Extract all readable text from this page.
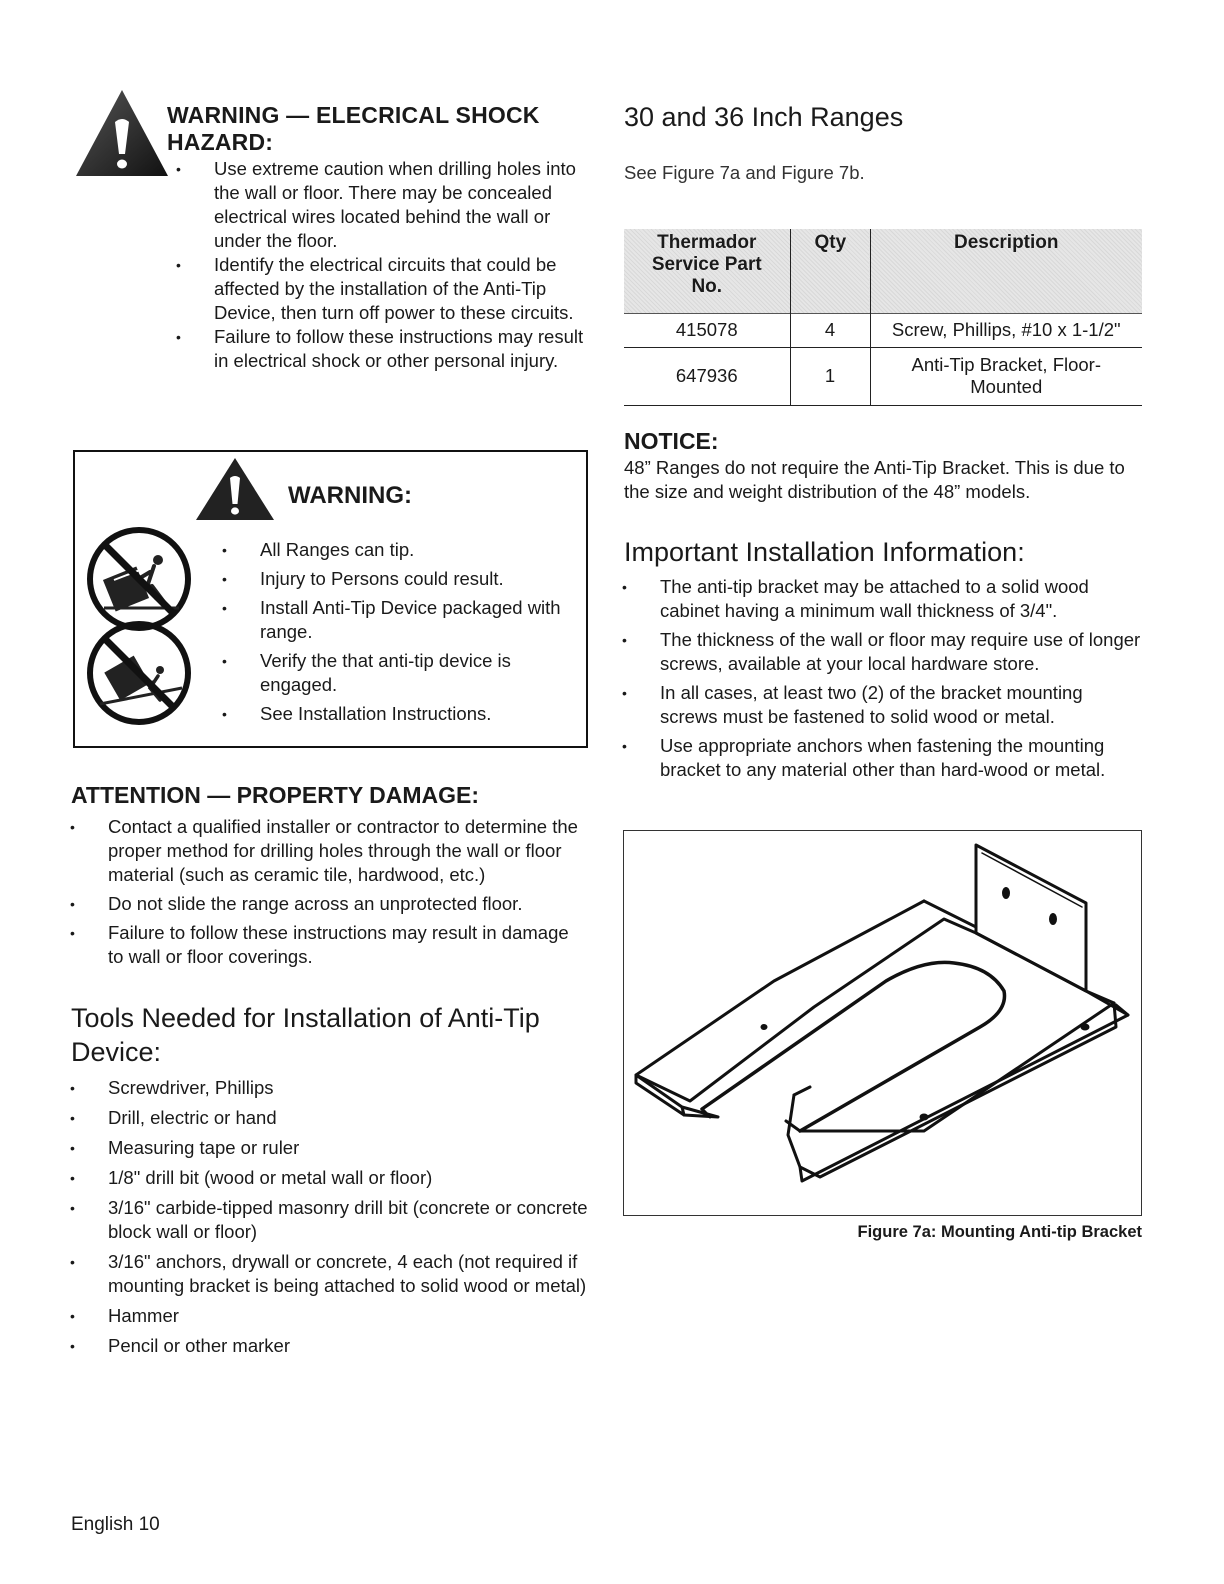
WARNING — ELECRICAL SHOCK
HAZARD:
• Use extreme caution when drilling holes into the wall or floor. There may be concealed electrical wires located behind the wall or under the floor.
• Identify the electrical circuits that could be affected by the installation of the Anti-Tip Device, then turn off power to these circuits.
• Failure to follow these instructions may result in electrical shock or other personal injury.
WARNING:
• All Ranges can tip.
• Injury to Persons could result.
• Install Anti-Tip Device packaged with range.
• Verify the that anti-tip device is engaged.
• See Installation Instructions.
ATTENTION — PROPERTY DAMAGE:
• Contact a qualified installer or contractor to determine the proper method for drilling holes through the wall or floor material (such as ceramic tile, hardwood, etc.)
• Do not slide the range across an unprotected floor.
• Failure to follow these instructions may result in damage to wall or floor coverings.
Tools Needed for Installation of Anti-Tip Device:
• Screwdriver, Phillips
• Drill, electric or hand
• Measuring tape or ruler
• 1/8" drill bit (wood or metal wall or floor)
• 3/16" carbide-tipped masonry drill bit (concrete or concrete block wall or floor)
• 3/16" anchors, drywall or concrete, 4 each (not required if mounting bracket is being attached to solid wood or metal)
• Hammer
• Pencil or other marker
English 10
30 and 36 Inch Ranges
See Figure 7a and Figure 7b.
Thermador Service Part No.	Qty	Description
415078	4	Screw, Phillips, #10 x 1-1/2"
647936	1	Anti-Tip Bracket, Floor-Mounted
NOTICE:
48” Ranges do not require the Anti-Tip Bracket. This is due to the size and weight distribution of the 48” models.
Important Installation Information:
• The anti-tip bracket may be attached to a solid wood cabinet having a minimum wall thickness of 3/4".
• The thickness of the wall or floor may require use of longer screws, available at your local hardware store.
• In all cases, at least two (2) of the bracket mounting screws must be fastened to solid wood or metal.
• Use appropriate anchors when fastening the mounting bracket to any material other than hard-wood or metal.
Figure 7a: Mounting Anti-tip Bracket
